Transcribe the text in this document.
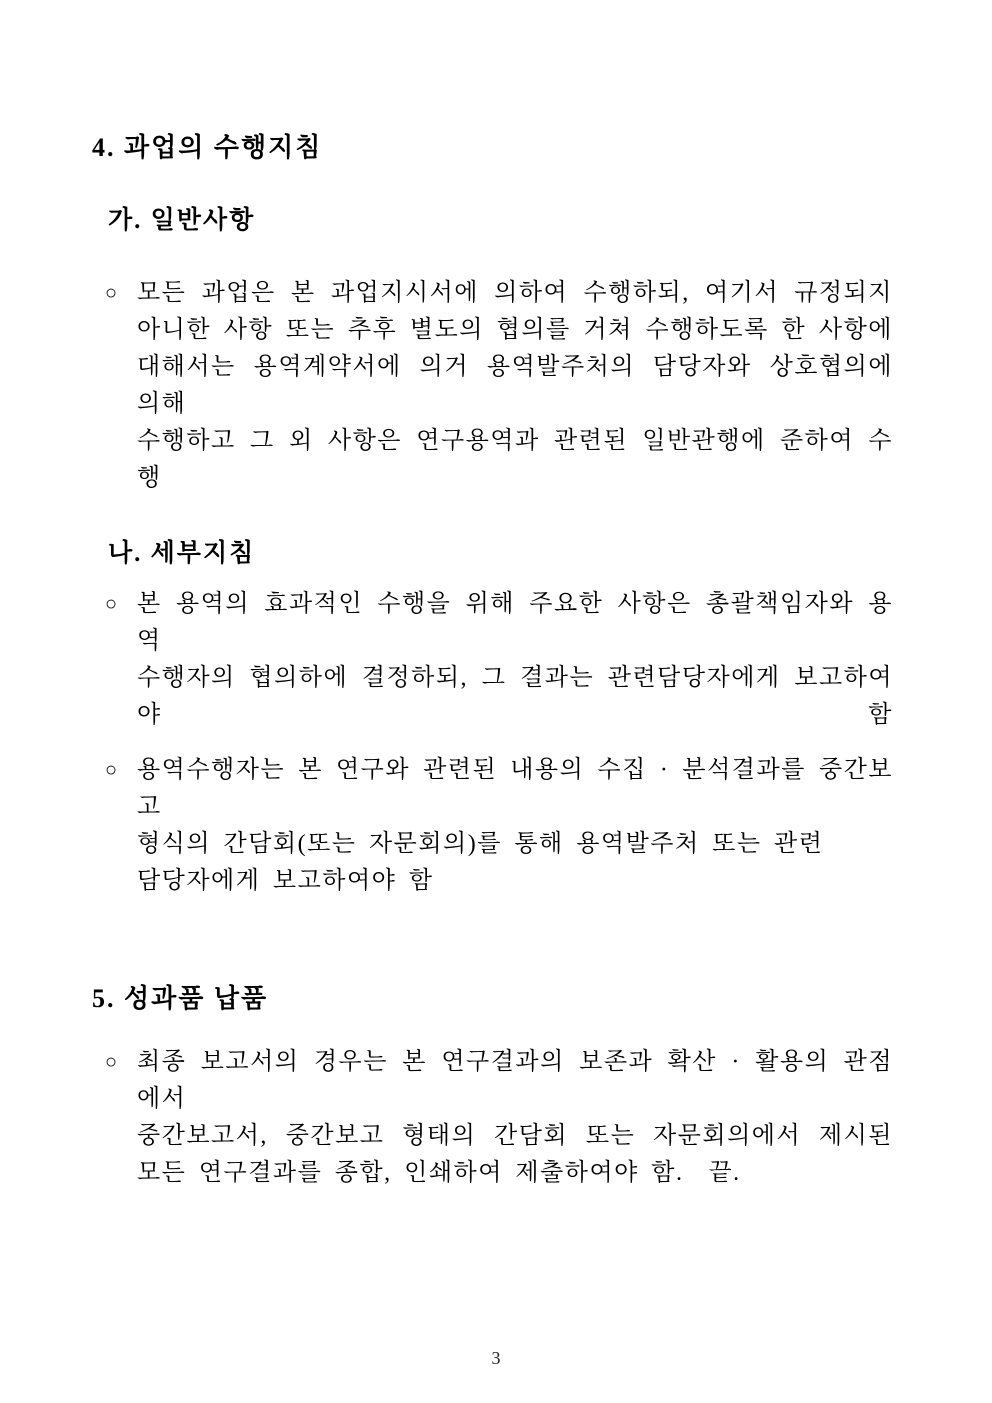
4. 과업의 수행지침
가. 일반사항
○ 모든 과업은 본 과업지시서에 의하여 수행하되, 여기서 규정되지
아니한 사항 또는 추후 별도의 협의를 거쳐 수행하도록 한 사항에
대해서는 용역계약서에 의거 용역발주처의 담당자와 상호협의에 의해
수행하고 그 외 사항은 연구용역과 관련된 일반관행에 준하여 수행
나. 세부지침
○ 본 용역의 효과적인 수행을 위해 주요한 사항은 총괄책임자와 용역
수행자의 협의하에 결정하되, 그 결과는 관련담당자에게 보고하여야 함
○ 용역수행자는 본 연구와 관련된 내용의 수집 · 분석결과를 중간보고
형식의 간담회(또는 자문회의)를 통해 용역발주처 또는 관련
담당자에게 보고하여야 함
5. 성과품 납품
○ 최종 보고서의 경우는 본 연구결과의 보존과 확산 · 활용의 관점에서
중간보고서, 중간보고 형태의 간담회 또는 자문회의에서 제시된
모든 연구결과를 종합, 인쇄하여 제출하여야 함.  끝.
3
